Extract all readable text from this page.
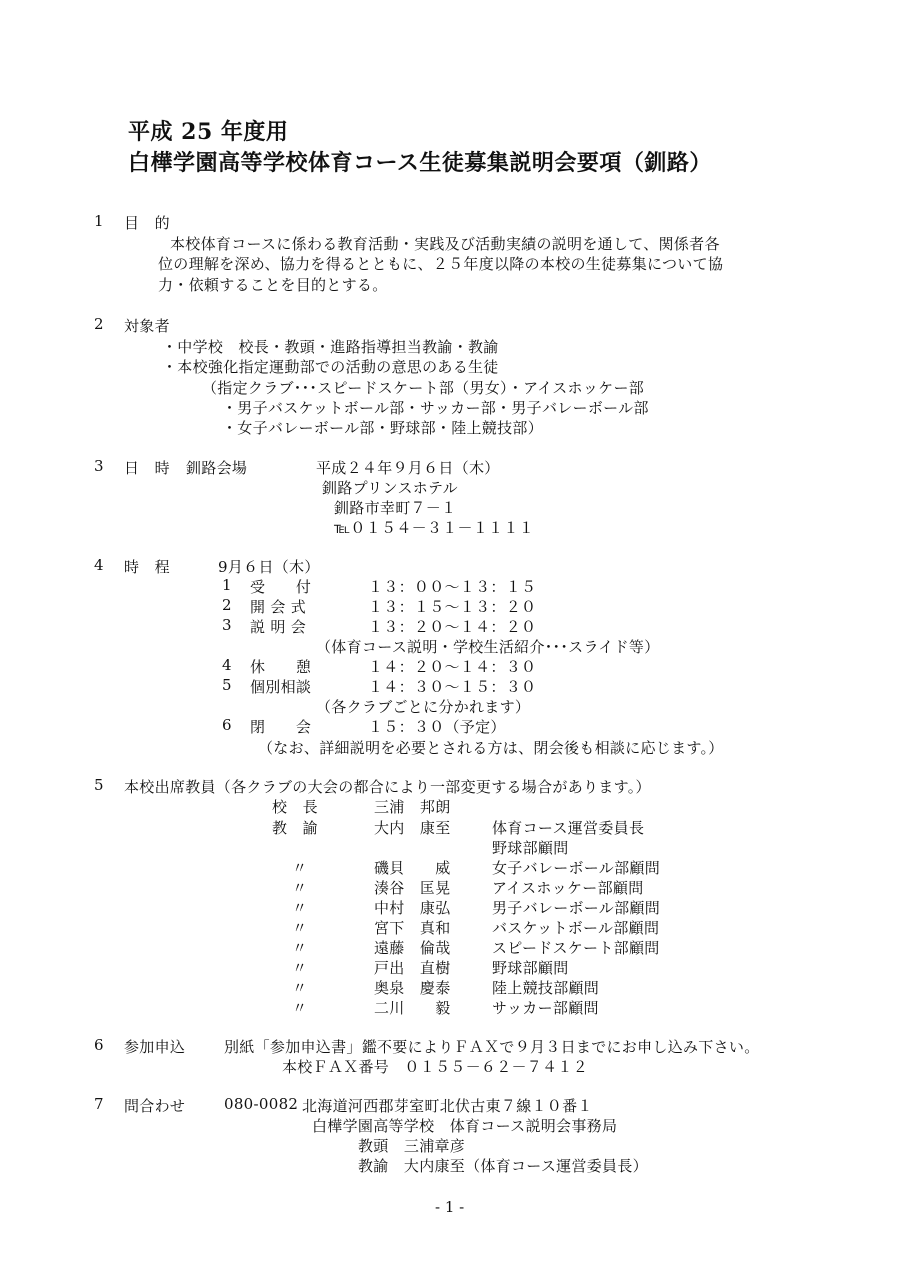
平成 25 年度用
白樺学園高等学校体育コース生徒募集説明会要項（釧路）
1	目　的
本校体育コースに係わる教育活動・実践及び活動実績の説明を通して、関係者各
位の理解を深め、協力を得るとともに、２５年度以降の本校の生徒募集について協
力・依頼することを目的とする。
2	対象者
・中学校　校長・教頭・進路指導担当教諭・教諭
・本校強化指定運動部での活動の意思のある生徒
（指定クラブ･･･スピードスケート部（男女）・アイスホッケー部
・男子バスケットボール部・サッカー部・男子バレーボール部
・女子バレーボール部・野球部・陸上競技部）
3	日　時 釧路会場	平成２４年９月６日（木）
釧路プリンスホテル
釧路市幸町７－１
℡０１５４－３１－１１１１
4	時　程	9月６日（木）
1 受　　付	１３：００～１３：１５
2 開 会 式	１３：１５～１３：２０
3 説 明 会	１３：２０～１４：２０
（体育コース説明・学校生活紹介･･･スライド等）
4 休　　憩	１４：２０～１４：３０
5 個別相談	１４：３０～１５：３０
（各クラブごとに分かれます）
6 閉　　会	１５：３０（予定）
（なお、詳細説明を必要とされる方は、閉会後も相談に応じます。）
5	本校出席教員（各クラブの大会の都合により一部変更する場合があります。）
校　長	三浦　邦朗
教　諭	大内　康至	体育コース運営委員長
野球部顧問
〃	磯貝　　威	女子バレーボール部顧問
〃	湊谷　匡晃	アイスホッケー部顧問
〃	中村　康弘	男子バレーボール部顧問
〃	宮下　真和	バスケットボール部顧問
〃	遠藤　倫哉	スピードスケート部顧問
〃	戸出　直樹	野球部顧問
〃	奥泉　慶泰	陸上競技部顧問
〃	二川　　毅	サッカー部顧問
6	参加申込	別紙「参加申込書」鑑不要によりＦＡＸで９月３日までにお申し込み下さい。
本校ＦＡＸ番号　０１５５－６２－７４１２
7	問合わせ	080-0082 北海道河西郡芽室町北伏古東７線１０番１
白樺学園高等学校　体育コース説明会事務局
教頭　三浦章彦
教諭　大内康至（体育コース運営委員長）
- 1 -
